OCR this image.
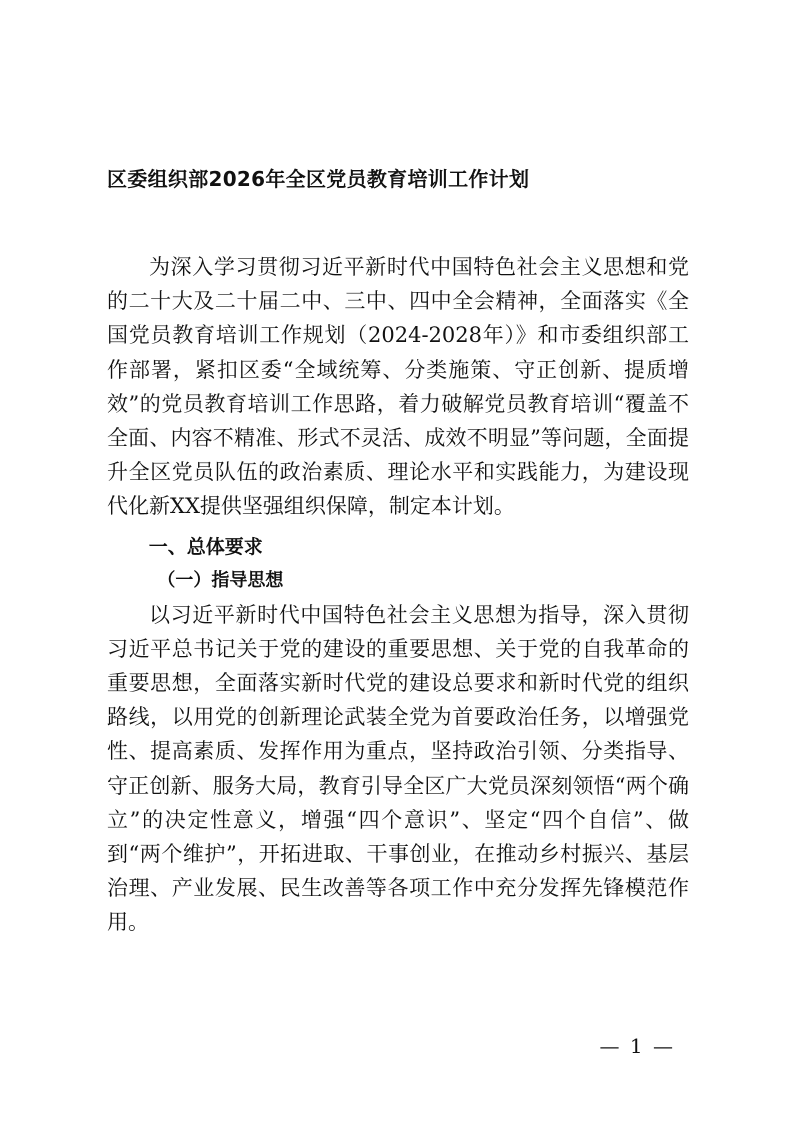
区委组织部2026年全区党员教育培训工作计划

为深入学习贯彻习近平新时代中国特色社会主义思想和党的二十大及二十届二中、三中、四中全会精神，全面落实《全国党员教育培训工作规划（2024-2028年）》和市委组织部工作部署，紧扣区委“全域统筹、分类施策、守正创新、提质增效”的党员教育培训工作思路，着力破解党员教育培训“覆盖不全面、内容不精准、形式不灵活、成效不明显”等问题，全面提升全区党员队伍的政治素质、理论水平和实践能力，为建设现代化新XX提供坚强组织保障，制定本计划。

一、总体要求
（一）指导思想

以习近平新时代中国特色社会主义思想为指导，深入贯彻习近平总书记关于党的建设的重要思想、关于党的自我革命的重要思想，全面落实新时代党的建设总要求和新时代党的组织路线，以用党的创新理论武装全党为首要政治任务，以增强党性、提高素质、发挥作用为重点，坚持政治引领、分类指导、守正创新、服务大局，教育引导全区广大党员深刻领悟“两个确立”的决定性意义，增强“四个意识”、坚定“四个自信”、做到“两个维护”，开拓进取、干事创业，在推动乡村振兴、基层治理、产业发展、民生改善等各项工作中充分发挥先锋模范作用。

— 1 —
